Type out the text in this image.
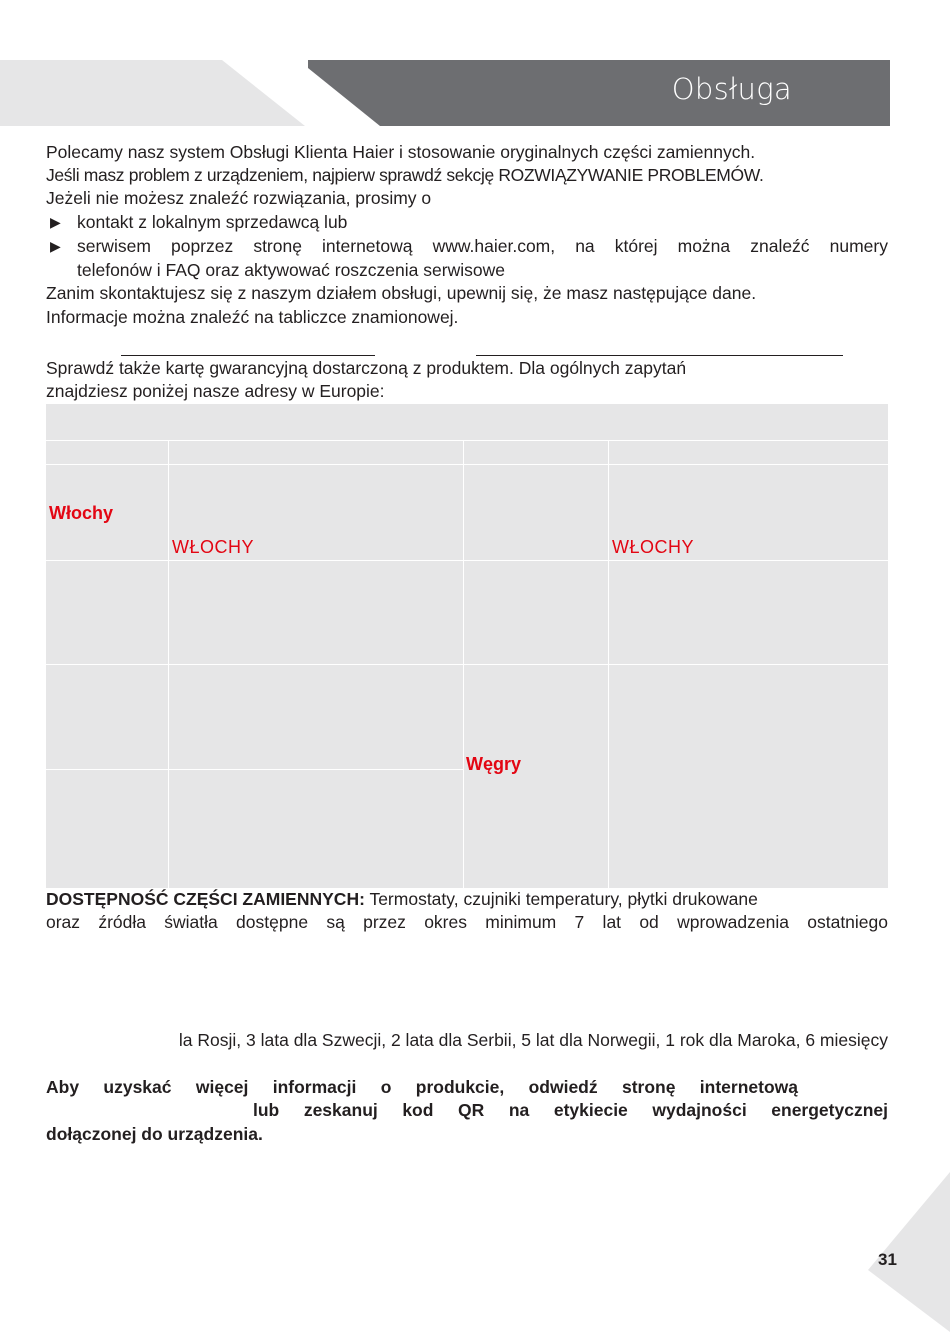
Obsługa
Polecamy nasz system Obsługi Klienta Haier i stosowanie oryginalnych części zamiennych.
Jeśli masz problem z urządzeniem, najpierw sprawdź sekcję ROZWIĄZYWANIE PROBLEMÓW.
Jeżeli nie możesz znaleźć rozwiązania, prosimy o
▶ kontakt z lokalnym sprzedawcą lub
▶ serwisem poprzez stronę internetową www.haier.com, na której można znaleźć numery
telefonów i FAQ oraz aktywować roszczenia serwisowe
Zanim skontaktujesz się z naszym działem obsługi, upewnij się, że masz następujące dane.
Informacje można znaleźć na tabliczce znamionowej.
Sprawdź także kartę gwarancyjną dostarczoną z produktem. Dla ogólnych zapytań
znajdziesz poniżej nasze adresy w Europie:
Włochy
WŁOCHY	WŁOCHY
Węgry
DOSTĘPNOŚĆ CZĘŚCI ZAMIENNYCH: Termostaty, czujniki temperatury, płytki drukowane
oraz źródła światła dostępne są przez okres minimum 7 lat od wprowadzenia ostatniego
la Rosji, 3 lata dla Szwecji, 2 lata dla Serbii, 5 lat dla Norwegii, 1 rok dla Maroka, 6 miesięcy
Aby uzyskać więcej informacji o produkcie, odwiedź stronę internetową
lub zeskanuj kod QR na etykiecie wydajności energetycznej
dołączonej do urządzenia.
31
